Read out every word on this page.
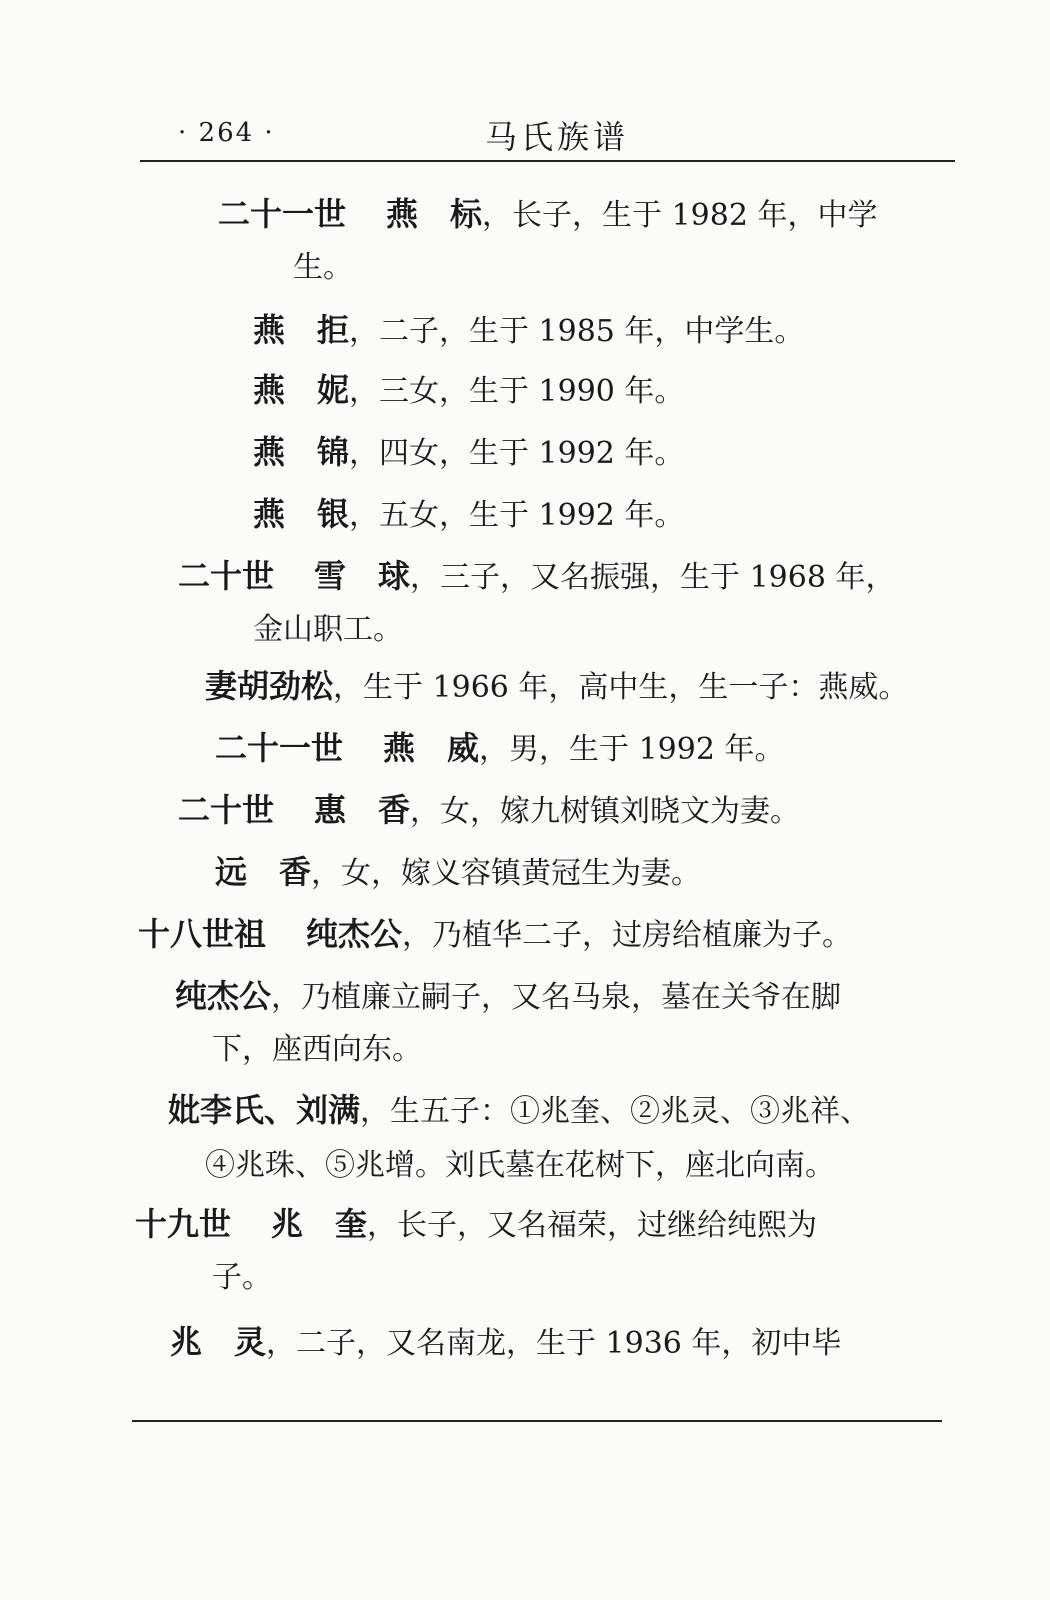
· 264 ·	马氏族谱
二十一世 燕　标，长子，生于 1982 年，中学
生。
燕　拒，二子，生于 1985 年，中学生。
燕　妮，三女，生于 1990 年。
燕　锦，四女，生于 1992 年。
燕　银，五女，生于 1992 年。
二十世 雪　球，三子，又名振强，生于 1968 年，
金山职工。
妻胡劲松，生于 1966 年，高中生，生一子：燕威。
二十一世 燕　威，男，生于 1992 年。
二十世 惠　香，女，嫁九树镇刘晓文为妻。
远　香，女，嫁义容镇黄冠生为妻。
十八世祖 纯杰公，乃植华二子，过房给植廉为子。
纯杰公，乃植廉立嗣子，又名马泉，墓在关爷在脚
下，座西向东。
妣李氏、刘满，生五子：①兆奎、②兆灵、③兆祥、
④兆珠、⑤兆增。刘氏墓在花树下，座北向南。
十九世 兆　奎，长子，又名福荣，过继给纯熙为
子。
兆　灵，二子，又名南龙，生于 1936 年，初中毕
